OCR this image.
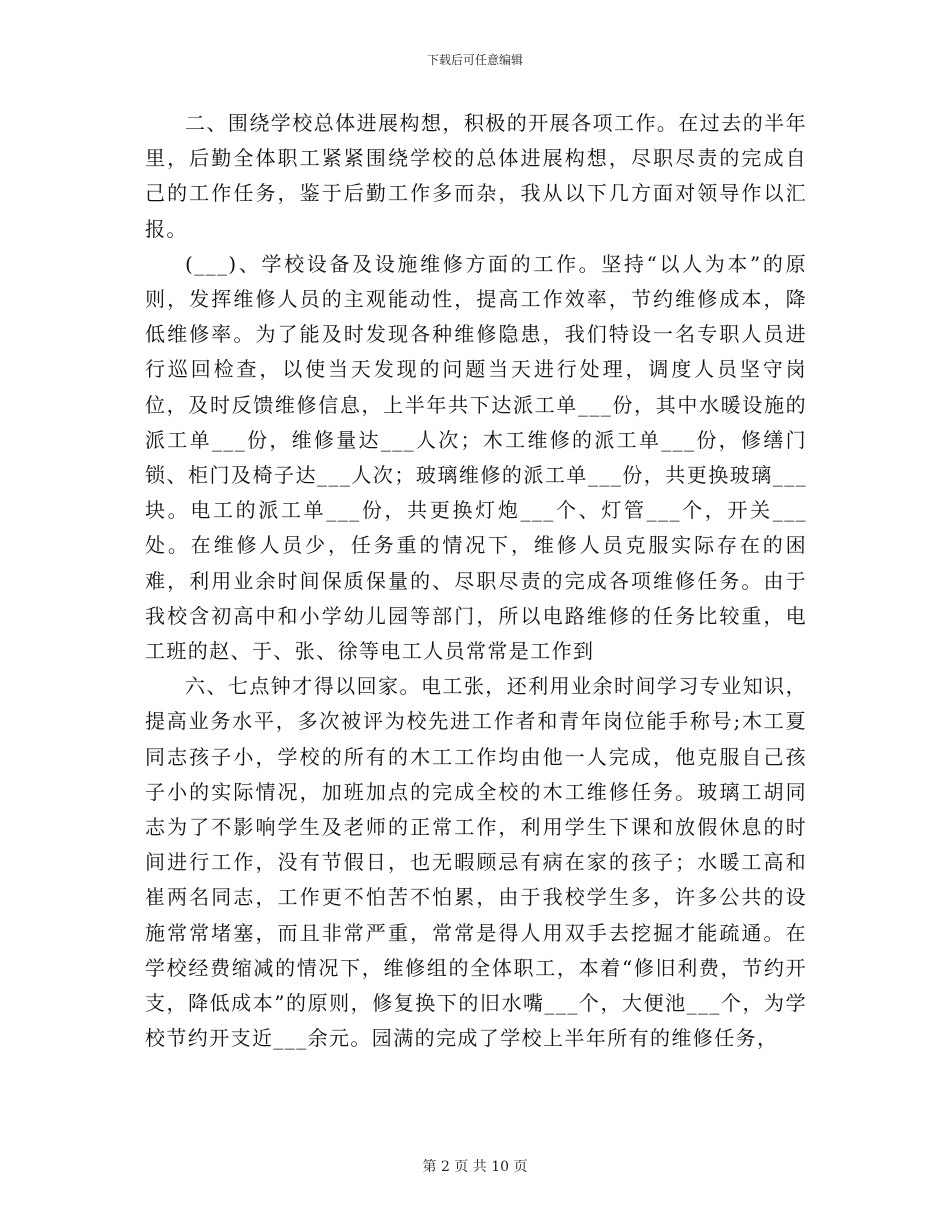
下载后可任意编辑

二、围绕学校总体进展构想，积极的开展各项工作。在过去的半年里，后勤全体职工紧紧围绕学校的总体进展构想，尽职尽责的完成自己的工作任务，鉴于后勤工作多而杂，我从以下几方面对领导作以汇报。

(___)、学校设备及设施维修方面的工作。坚持“以人为本”的原则，发挥维修人员的主观能动性，提高工作效率，节约维修成本，降低维修率。为了能及时发现各种维修隐患，我们特设一名专职人员进行巡回检查，以使当天发现的问题当天进行处理，调度人员坚守岗位，及时反馈维修信息，上半年共下达派工单___份，其中水暖设施的派工单___份，维修量达___人次；木工维修的派工单___份，修缮门锁、柜门及椅子达___人次；玻璃维修的派工单___份，共更换玻璃___块。电工的派工单___份，共更换灯炮___个、灯管___个，开关___处。在维修人员少，任务重的情况下，维修人员克服实际存在的困难，利用业余时间保质保量的、尽职尽责的完成各项维修任务。由于我校含初高中和小学幼儿园等部门，所以电路维修的任务比较重，电工班的赵、于、张、徐等电工人员常常是工作到

六、七点钟才得以回家。电工张，还利用业余时间学习专业知识，提高业务水平，多次被评为校先进工作者和青年岗位能手称号;木工夏同志孩子小，学校的所有的木工工作均由他一人完成，他克服自己孩子小的实际情况，加班加点的完成全校的木工维修任务。玻璃工胡同志为了不影响学生及老师的正常工作，利用学生下课和放假休息的时间进行工作，没有节假日，也无暇顾忌有病在家的孩子；水暖工高和崔两名同志，工作更不怕苦不怕累，由于我校学生多，许多公共的设施常常堵塞，而且非常严重，常常是得人用双手去挖掘才能疏通。在学校经费缩减的情况下，维修组的全体职工，本着“修旧利费，节约开支，降低成本”的原则，修复换下的旧水嘴___个，大便池___个，为学校节约开支近___余元。园满的完成了学校上半年所有的维修任务，

第 2 页 共 10 页
